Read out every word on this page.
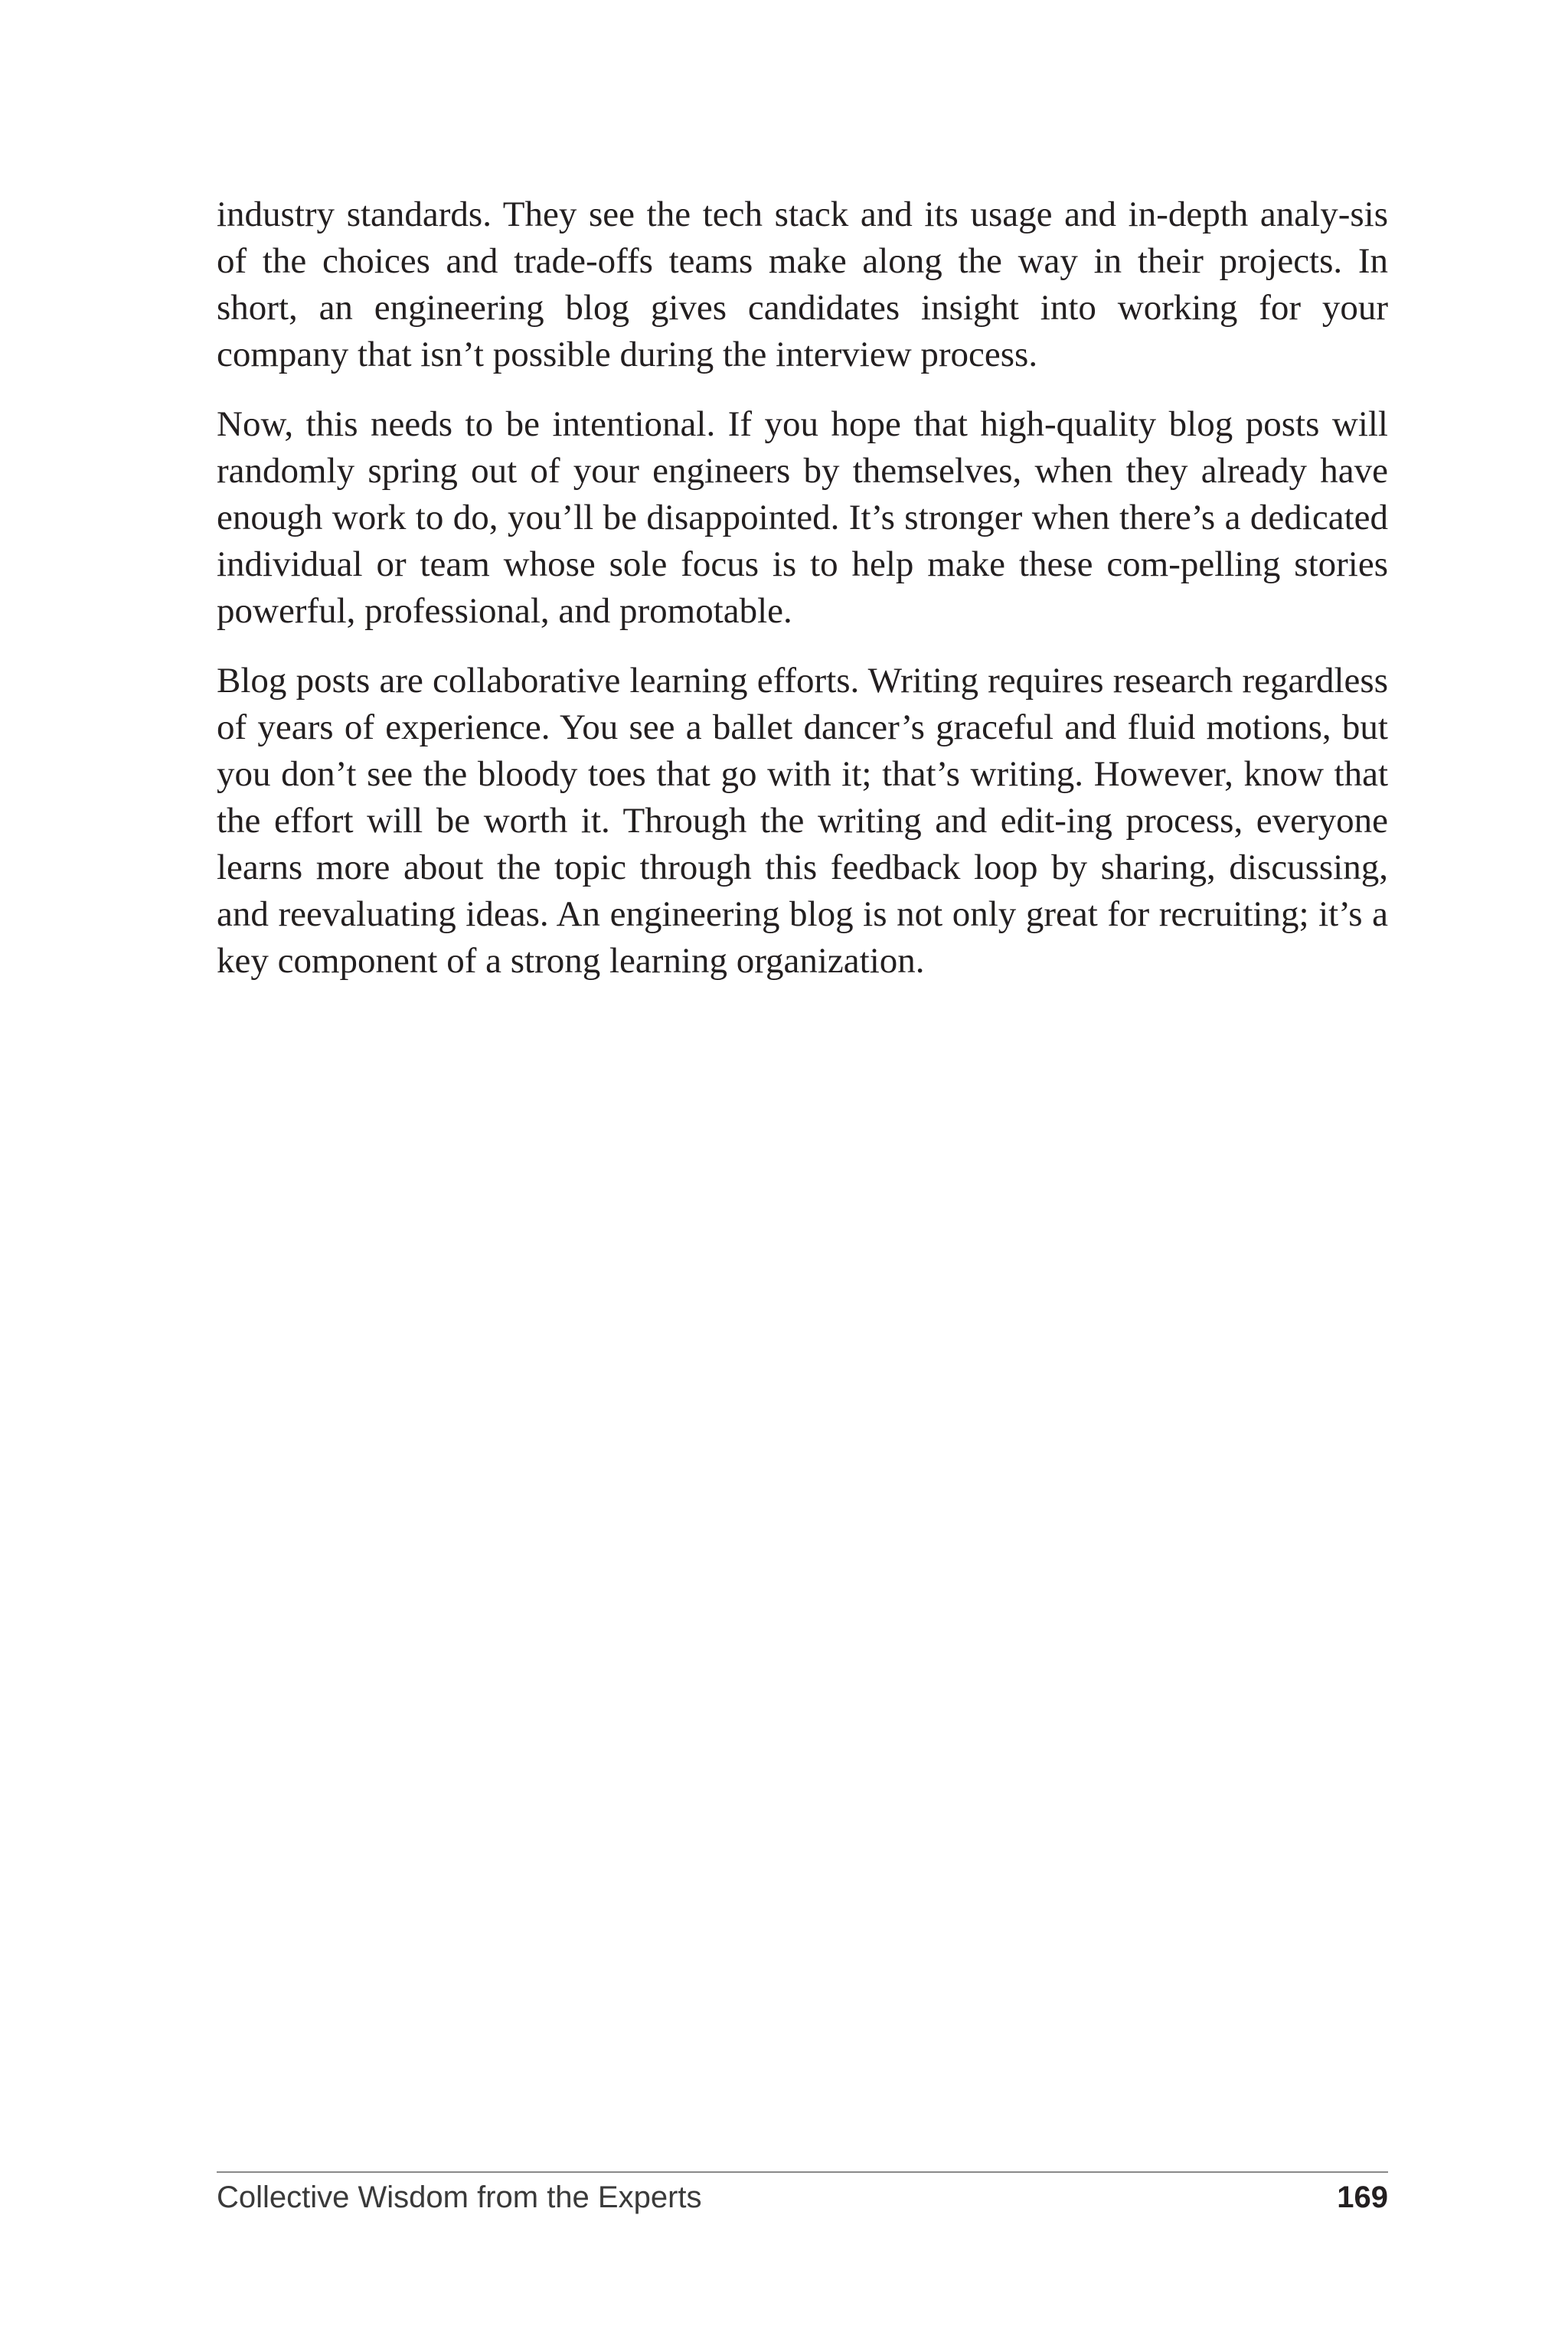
industry standards. They see the tech stack and its usage and in-depth analy-sis of the choices and trade-offs teams make along the way in their projects. In short, an engineering blog gives candidates insight into working for your company that isn’t possible during the interview process.

Now, this needs to be intentional. If you hope that high-quality blog posts will randomly spring out of your engineers by themselves, when they already have enough work to do, you’ll be disappointed. It’s stronger when there’s a dedicated individual or team whose sole focus is to help make these com-pelling stories powerful, professional, and promotable.

Blog posts are collaborative learning efforts. Writing requires research regardless of years of experience. You see a ballet dancer’s graceful and fluid motions, but you don’t see the bloody toes that go with it; that’s writing. However, know that the effort will be worth it. Through the writing and edit-ing process, everyone learns more about the topic through this feedback loop by sharing, discussing, and reevaluating ideas. An engineering blog is not only great for recruiting; it’s a key component of a strong learning organization.

Collective Wisdom from the Experts	169
